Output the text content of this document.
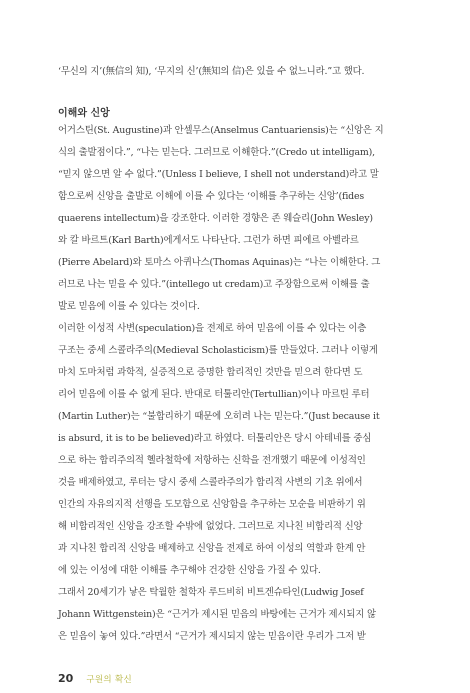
‘무신의 지’(無信의 知), ‘무지의 신’(無知의 信)은 있을 수 없느니라.”고 했다.
이해와 신앙
어거스틴(St. Augustine)과 안셀무스(Anselmus Cantuariensis)는 “신앙은 지
식의 출발점이다.”, “나는 믿는다. 그러므로 이해한다.”(Credo ut intelligam),
“믿지 않으면 알 수 없다.”(Unless I believe, I shell not understand)라고 말
함으로써 신앙을 출발로 이해에 이를 수 있다는 ‘이해를 추구하는 신앙’(fides
quaerens intellectum)을 강조한다. 이러한 경향은 존 웨슬리(John Wesley)
와 칼 바르트(Karl Barth)에게서도 나타난다. 그런가 하면 피에르 아벨라르
(Pierre Abelard)와 토마스 아퀴나스(Thomas Aquinas)는 “나는 이해한다. 그
러므로 나는 믿을 수 있다.”(intellego ut credam)고 주장함으로써 이해를 출
발로 믿음에 이를 수 있다는 것이다.
이러한 이성적 사변(speculation)을 전제로 하여 믿음에 이를 수 있다는 이층
구조는 중세 스콜라주의(Medieval Scholasticism)를 만들었다. 그러나 이렇게
마치 도마처럼 과학적, 실증적으로 증명한 합리적인 것만을 믿으려 한다면 도
리어 믿음에 이를 수 없게 된다. 반대로 터툴리안(Tertullian)이나 마르틴 루터
(Martin Luther)는 “불합리하기 때문에 오히려 나는 믿는다.”(Just because it
is absurd, it is to be believed)라고 하였다. 터툴리안은 당시 아테네를 중심
으로 하는 합리주의적 헬라철학에 저항하는 신학을 전개했기 때문에 이성적인
것을 배제하였고, 루터는 당시 중세 스콜라주의가 합리적 사변의 기초 위에서
인간의 자유의지적 선행을 도모함으로 신앙함을 추구하는 모순을 비판하기 위
해 비합리적인 신앙을 강조할 수밖에 없었다. 그러므로 지나친 비합리적 신앙
과 지나친 합리적 신앙을 배제하고 신앙을 전제로 하여 이성의 역할과 한계 안
에 있는 이성에 대한 이해를 추구해야 건강한 신앙을 가질 수 있다.
그래서 20세기가 낳은 탁월한 철학자 루드비히 비트겐슈타인(Ludwig Josef
Johann Wittgenstein)은 “근거가 제시된 믿음의 바탕에는 근거가 제시되지 않
은 믿음이 놓여 있다.”라면서 “근거가 제시되지 않는 믿음이란 우리가 그저 받
20 구원의 확신
